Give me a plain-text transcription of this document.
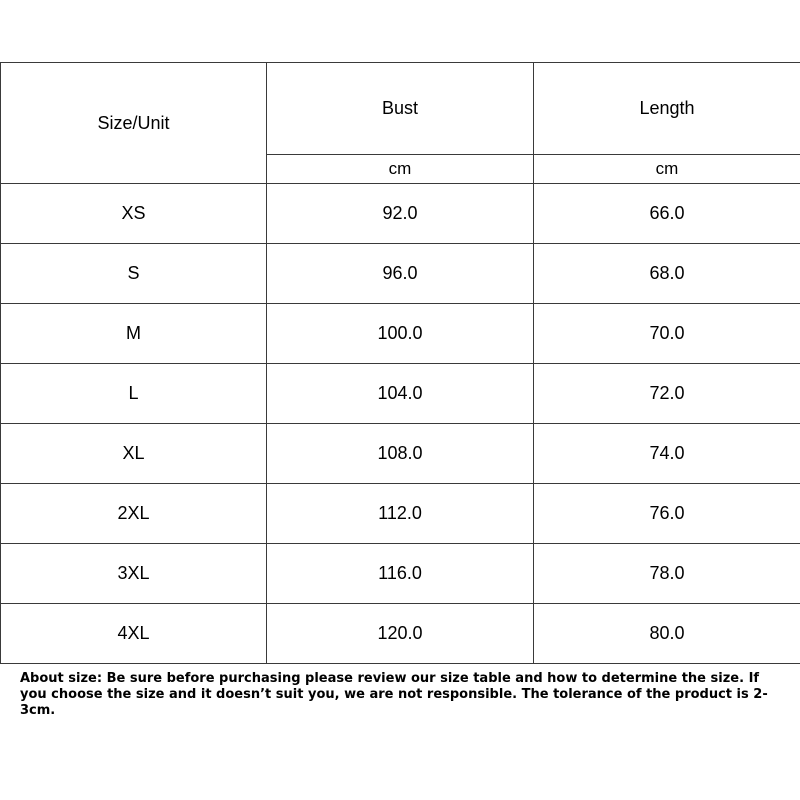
Size/Unit	Bust	Length
	cm	cm
XS	92.0	66.0
S	96.0	68.0
M	100.0	70.0
L	104.0	72.0
XL	108.0	74.0
2XL	112.0	76.0
3XL	116.0	78.0
4XL	120.0	80.0

About size: Be sure before purchasing please review our size table and how to determine the size. If you choose the size and it doesn’t suit you, we are not responsible. The tolerance of the product is 2-3cm.
